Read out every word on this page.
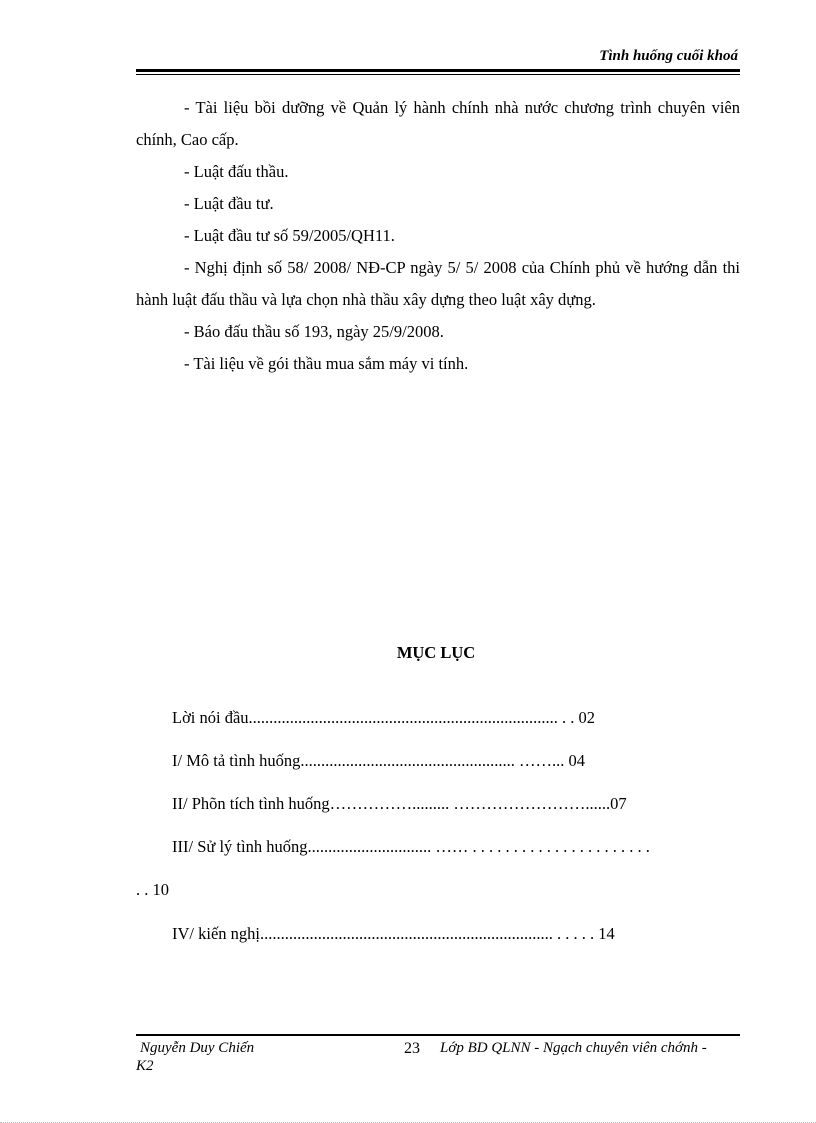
Tình huống cuối khoá

- Tài liệu bồi dưỡng về Quản lý hành chính nhà nước chương trình chuyên viên chính, Cao cấp.

- Luật đấu thầu.

- Luật đầu tư.

- Luật đầu tư số 59/2005/QH11.

- Nghị định số 58/ 2008/ NĐ-CP ngày 5/ 5/ 2008 của Chính phủ về hướng dẫn thi hành luật đấu thầu và lựa chọn nhà thầu xây dựng theo luật xây dựng.

- Báo đấu thầu số 193, ngày 25/9/2008.

- Tài liệu về gói thầu mua sắm máy vi tính.

MỤC LỤC
Lời nói đầu........................................................................... . . 02
I/ Mô tả tình huống.................................................... ……... 04
II/ Phõn tích tình huống……………......... ……………………......07
III/ Sử lý tình huống.............................. …… . . . . . . . . . . . . . . . . . . . . . .
. . 10
IV/ kiến nghị....................................................................... . . . . . 14
Nguyễn Duy Chiến
K2
23 Lớp BD QLNN - Ngạch chuyên viên chớnh -
